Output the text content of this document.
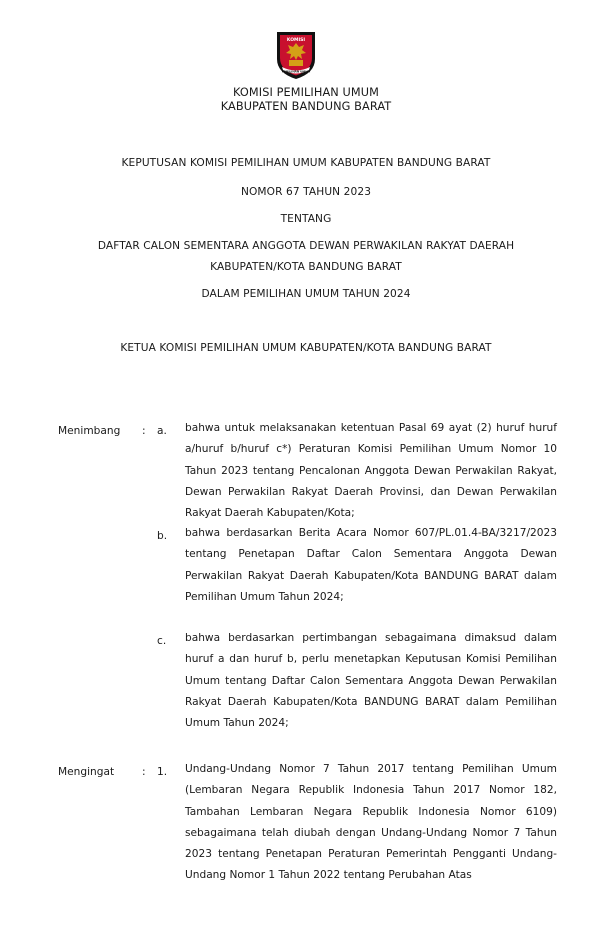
KOMISI
PEMILIHAN UMUM
KOMISI PEMILIHAN UMUM
KABUPATEN BANDUNG BARAT
KEPUTUSAN KOMISI PEMILIHAN UMUM KABUPATEN BANDUNG BARAT
NOMOR 67 TAHUN 2023
TENTANG
DAFTAR CALON SEMENTARA ANGGOTA DEWAN PERWAKILAN RAKYAT DAERAH
KABUPATEN/KOTA BANDUNG BARAT
DALAM PEMILIHAN UMUM TAHUN 2024
KETUA KOMISI PEMILIHAN UMUM KABUPATEN/KOTA BANDUNG BARAT
Menimbang : a. bahwa untuk melaksanakan ketentuan Pasal 69 ayat (2) huruf huruf a/huruf b/huruf c*) Peraturan Komisi Pemilihan Umum Nomor 10 Tahun 2023 tentang Pencalonan Anggota Dewan Perwakilan Rakyat, Dewan Perwakilan Rakyat Daerah Provinsi, dan Dewan Perwakilan Rakyat Daerah Kabupaten/Kota;
b. bahwa berdasarkan Berita Acara Nomor 607/PL.01.4-BA/3217/2023 tentang Penetapan Daftar Calon Sementara Anggota Dewan Perwakilan Rakyat Daerah Kabupaten/Kota BANDUNG BARAT dalam Pemilihan Umum Tahun 2024;
c. bahwa berdasarkan pertimbangan sebagaimana dimaksud dalam huruf a dan huruf b, perlu menetapkan Keputusan Komisi Pemilihan Umum tentang Daftar Calon Sementara Anggota Dewan Perwakilan Rakyat Daerah Kabupaten/Kota BANDUNG BARAT dalam Pemilihan Umum Tahun 2024;
Mengingat	: 1. Undang-Undang Nomor 7 Tahun 2017 tentang Pemilihan Umum (Lembaran Negara Republik Indonesia Tahun 2017 Nomor 182, Tambahan Lembaran Negara Republik Indonesia Nomor 6109) sebagaimana telah diubah dengan Undang-Undang Nomor 7 Tahun 2023 tentang Penetapan Peraturan Pemerintah Pengganti Undang-Undang Nomor 1 Tahun 2022 tentang Perubahan Atas
